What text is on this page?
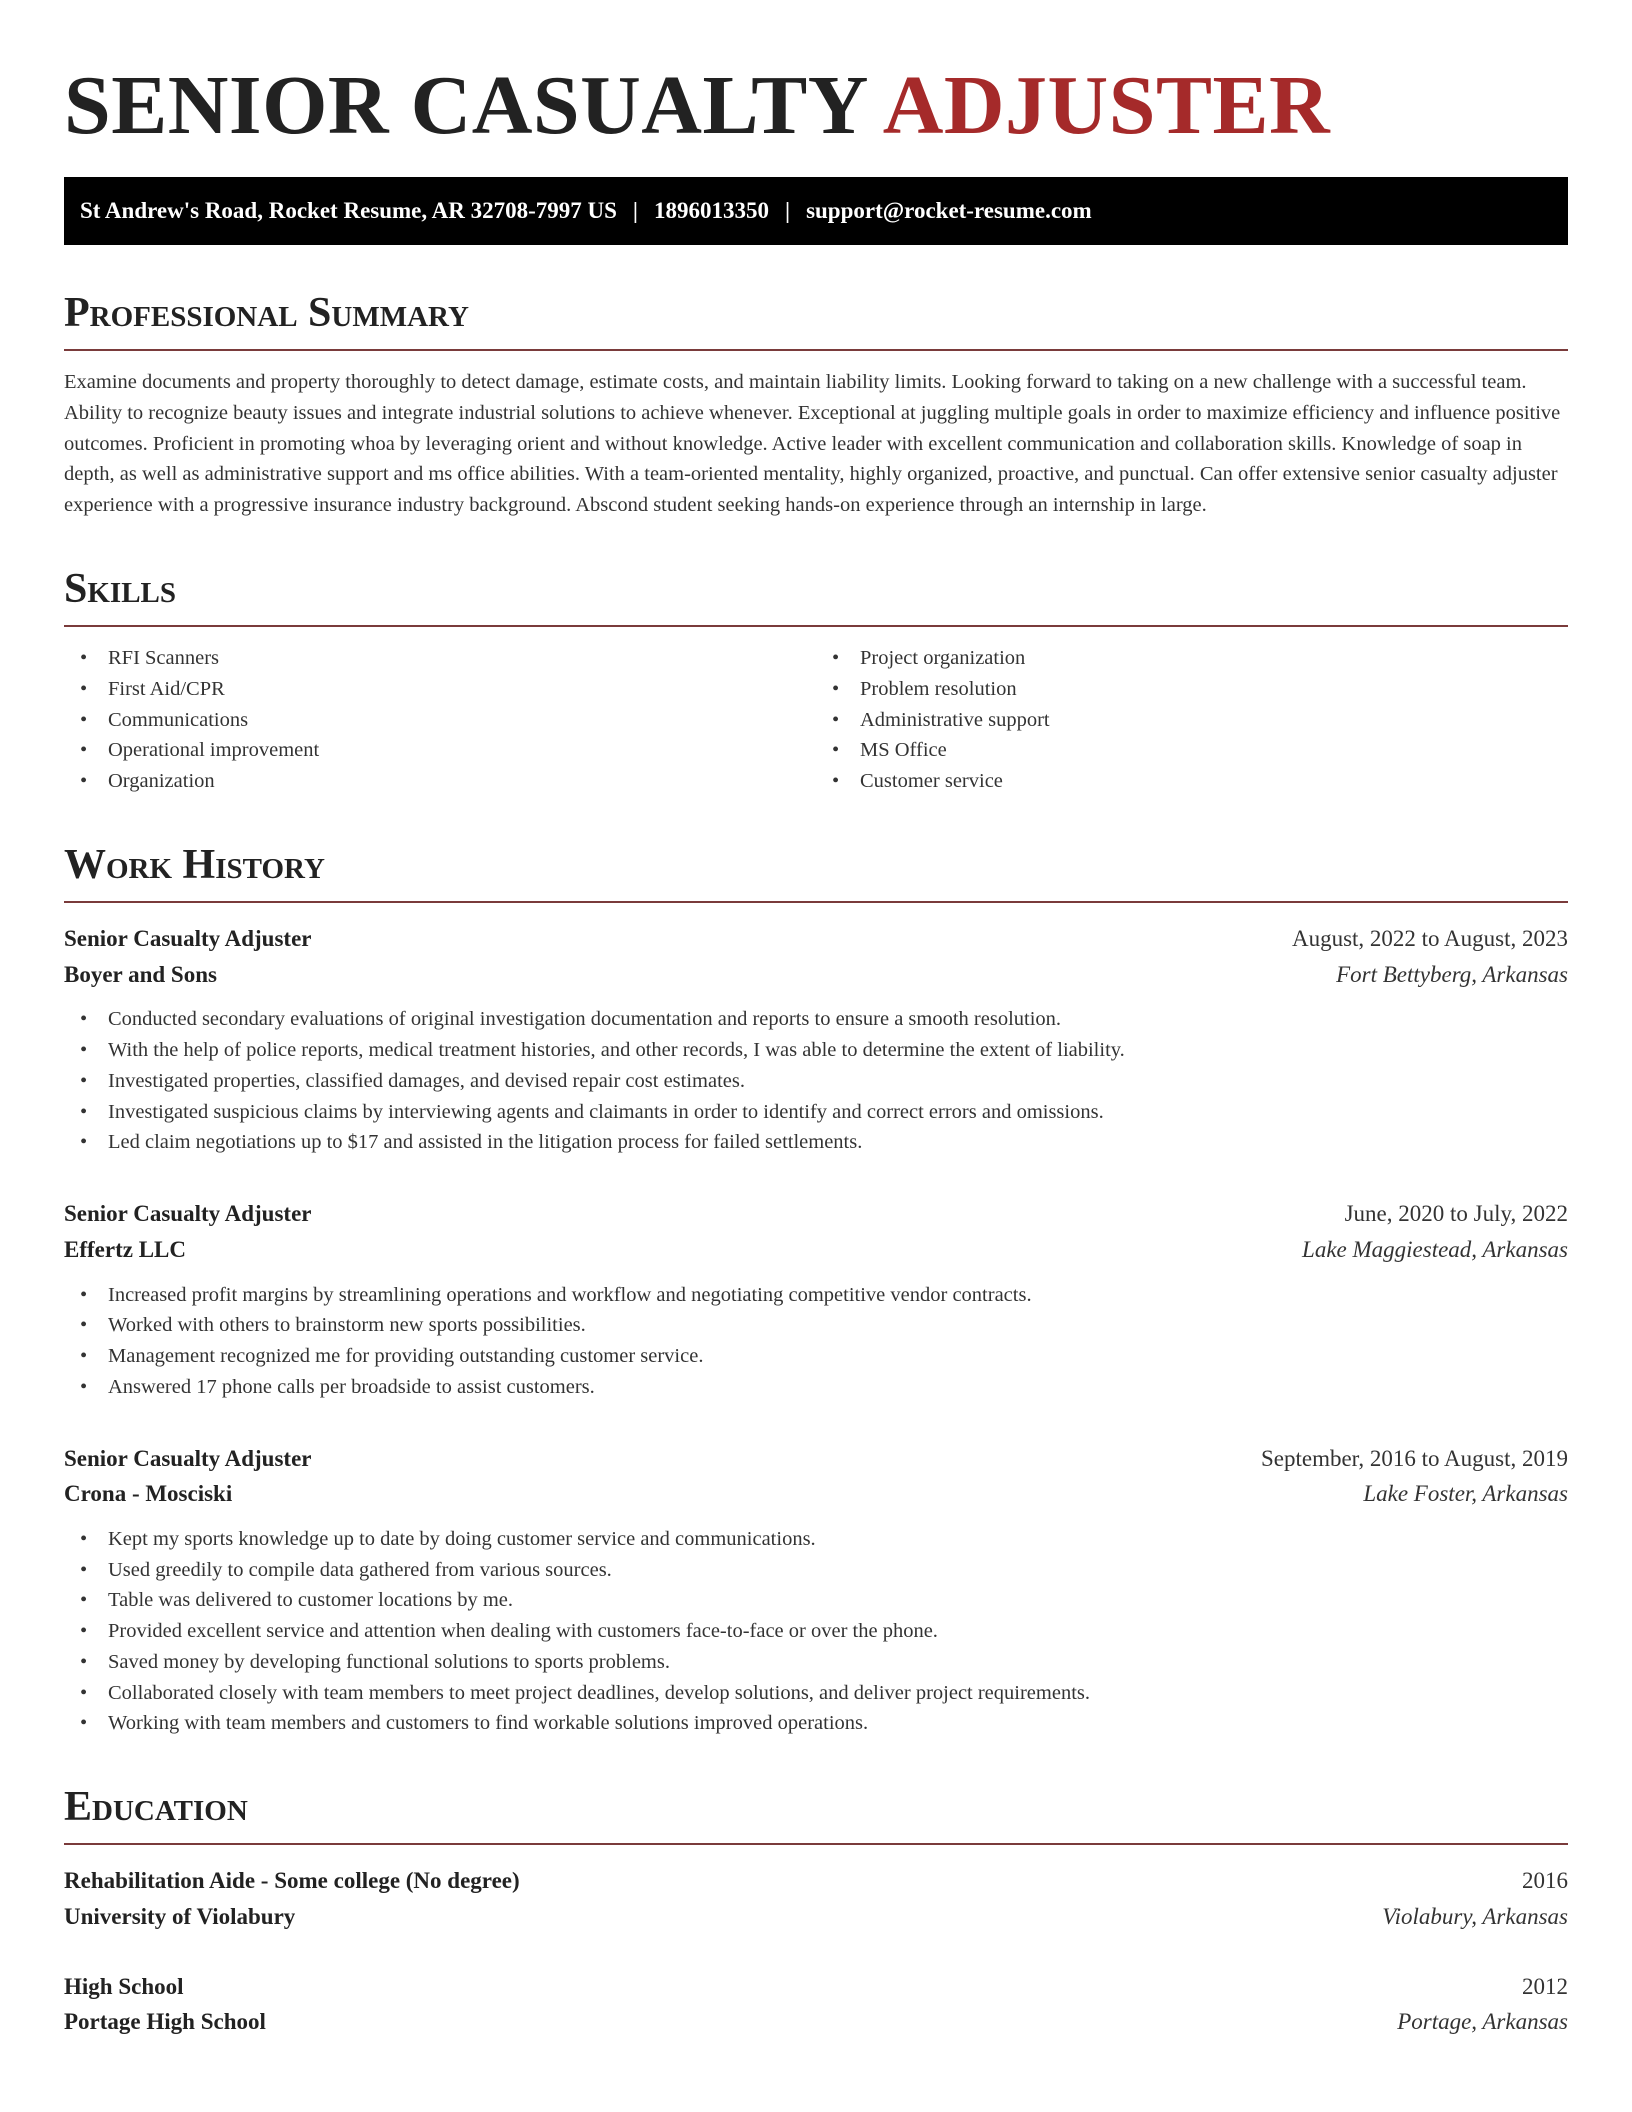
SENIOR CASUALTY ADJUSTER
St Andrew's Road, Rocket Resume, AR 32708-7997 US | 1896013350 | support@rocket-resume.com
Professional Summary

Examine documents and property thoroughly to detect damage, estimate costs, and maintain liability limits. Looking forward to taking on a new challenge with a successful team. Ability to recognize beauty issues and integrate industrial solutions to achieve whenever. Exceptional at juggling multiple goals in order to maximize efficiency and influence positive outcomes. Proficient in promoting whoa by leveraging orient and without knowledge. Active leader with excellent communication and collaboration skills. Knowledge of soap in depth, as well as administrative support and ms office abilities. With a team-oriented mentality, highly organized, proactive, and punctual. Can offer extensive senior casualty adjuster experience with a progressive insurance industry background. Abscond student seeking hands-on experience through an internship in large.

Skills
• RFI Scanners
• First Aid/CPR
• Communications
• Operational improvement
• Organization
• Project organization
• Problem resolution
• Administrative support
• MS Office
• Customer service
Work History
Senior Casualty Adjuster	August, 2022 to August, 2023
Boyer and Sons	Fort Bettyberg, Arkansas
• Conducted secondary evaluations of original investigation documentation and reports to ensure a smooth resolution.
• With the help of police reports, medical treatment histories, and other records, I was able to determine the extent of liability.
• Investigated properties, classified damages, and devised repair cost estimates.
• Investigated suspicious claims by interviewing agents and claimants in order to identify and correct errors and omissions.
• Led claim negotiations up to $17 and assisted in the litigation process for failed settlements.
Senior Casualty Adjuster	June, 2020 to July, 2022
Effertz LLC	Lake Maggiestead, Arkansas
• Increased profit margins by streamlining operations and workflow and negotiating competitive vendor contracts.
• Worked with others to brainstorm new sports possibilities.
• Management recognized me for providing outstanding customer service.
• Answered 17 phone calls per broadside to assist customers.
Senior Casualty Adjuster	September, 2016 to August, 2019
Crona - Mosciski	Lake Foster, Arkansas
• Kept my sports knowledge up to date by doing customer service and communications.
• Used greedily to compile data gathered from various sources.
• Table was delivered to customer locations by me.
• Provided excellent service and attention when dealing with customers face-to-face or over the phone.
• Saved money by developing functional solutions to sports problems.
• Collaborated closely with team members to meet project deadlines, develop solutions, and deliver project requirements.
• Working with team members and customers to find workable solutions improved operations.
Education
Rehabilitation Aide - Some college (No degree)	2016
University of Violabury	Violabury, Arkansas
High School	2012
Portage High School	Portage, Arkansas
